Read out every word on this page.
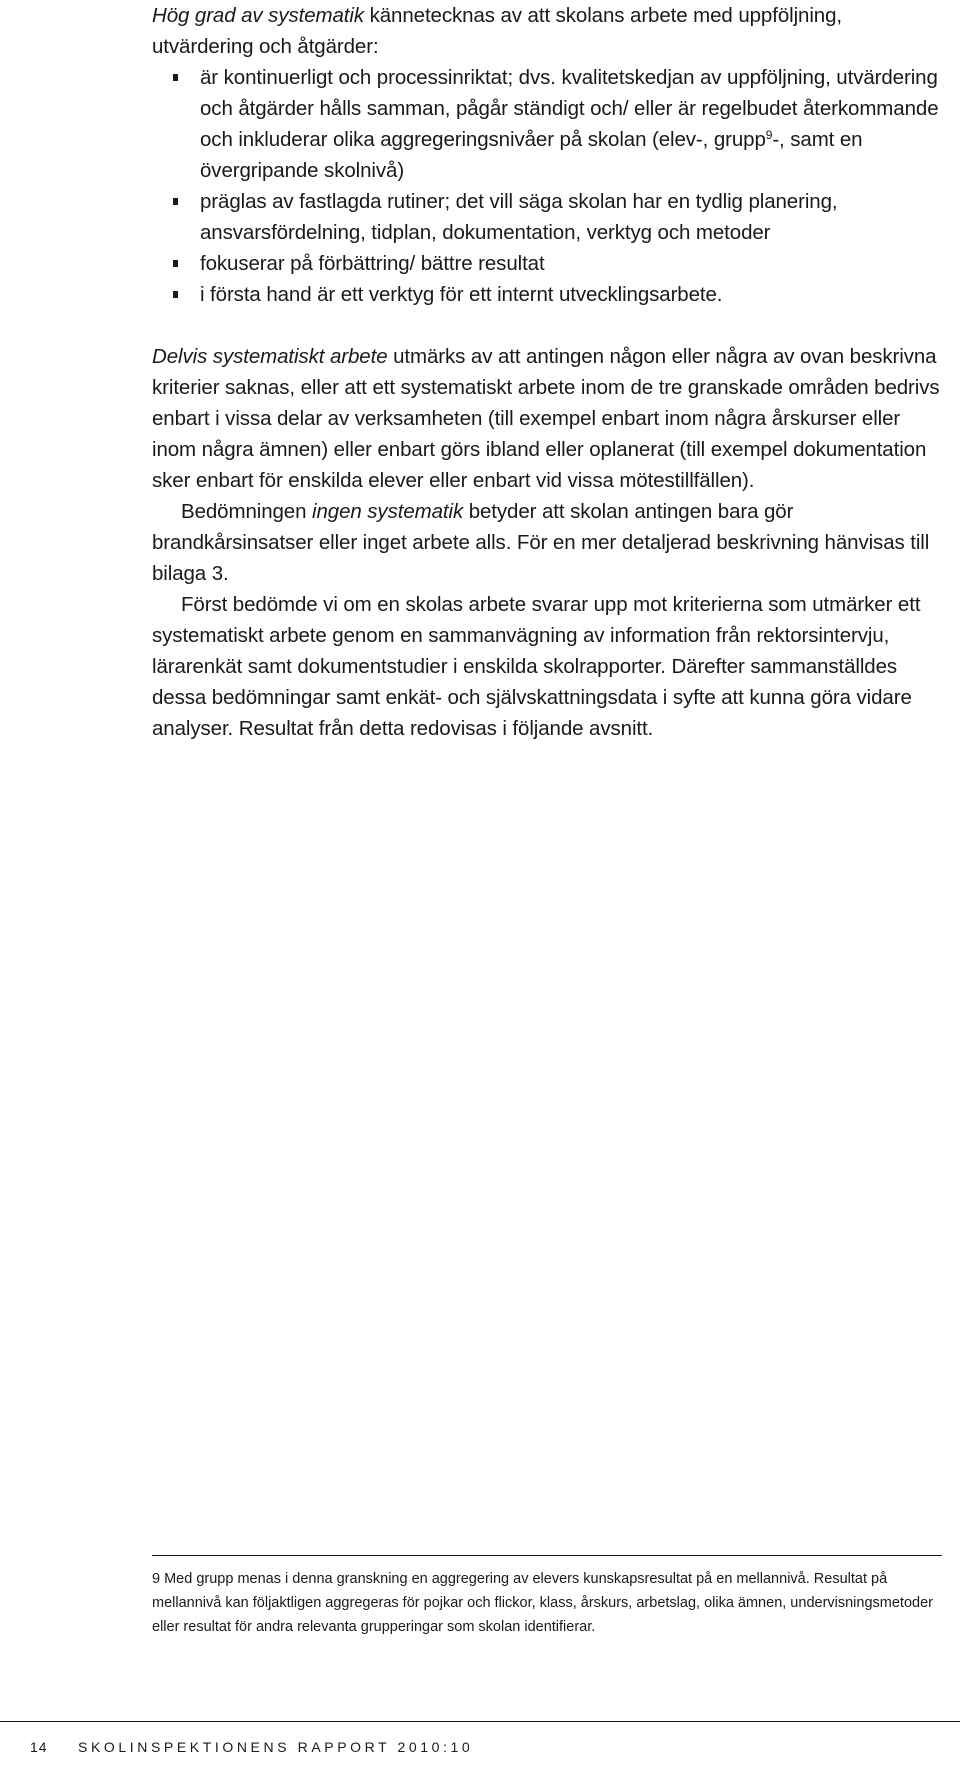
Hög grad av systematik kännetecknas av att skolans arbete med uppföljning, utvärdering och åtgärder:

är kontinuerligt och processinriktat; dvs. kvalitetskedjan av uppföljning, utvärdering och åtgärder hålls samman, pågår ständigt och/ eller är regelbudet återkommande och inkluderar olika aggregeringsnivåer på skolan (elev-, grupp$^9$-, samt en övergripande skolnivå)
präglas av fastlagda rutiner; det vill säga skolan har en tydlig planering, ansvarsfördelning, tidplan, dokumentation, verktyg och metoder
fokuserar på förbättring/ bättre resultat
i första hand är ett verktyg för ett internt utvecklingsarbete.

Delvis systematiskt arbete utmärks av att antingen någon eller några av ovan beskrivna kriterier saknas, eller att ett systematiskt arbete inom de tre granskade områden bedrivs enbart i vissa delar av verksamheten (till exempel enbart inom några årskurser eller inom några ämnen) eller enbart görs ibland eller oplanerat (till exempel dokumentation sker enbart för enskilda elever eller enbart vid vissa mötestillfällen).

Bedömningen ingen systematik betyder att skolan antingen bara gör brandkårsinsatser eller inget arbete alls. För en mer detaljerad beskrivning hänvisas till bilaga 3.

Först bedömde vi om en skolas arbete svarar upp mot kriterierna som utmärker ett systematiskt arbete genom en sammanvägning av information från rektorsintervju, lärarenkät samt dokumentstudier i enskilda skolrapporter. Därefter sammanställdes dessa bedömningar samt enkät- och självskattningsdata i syfte att kunna göra vidare analyser. Resultat från detta redovisas i följande avsnitt.

9 Med grupp menas i denna granskning en aggregering av elevers kunskapsresultat på en mellannivå. Resultat på mellannivå kan följaktligen aggregeras för pojkar och flickor, klass, årskurs, arbetslag, olika ämnen, undervisningsmetoder eller resultat för andra relevanta grupperingar som skolan identifierar.

14 SKOLINSPEKTIONENS RAPPORT 2010:10
